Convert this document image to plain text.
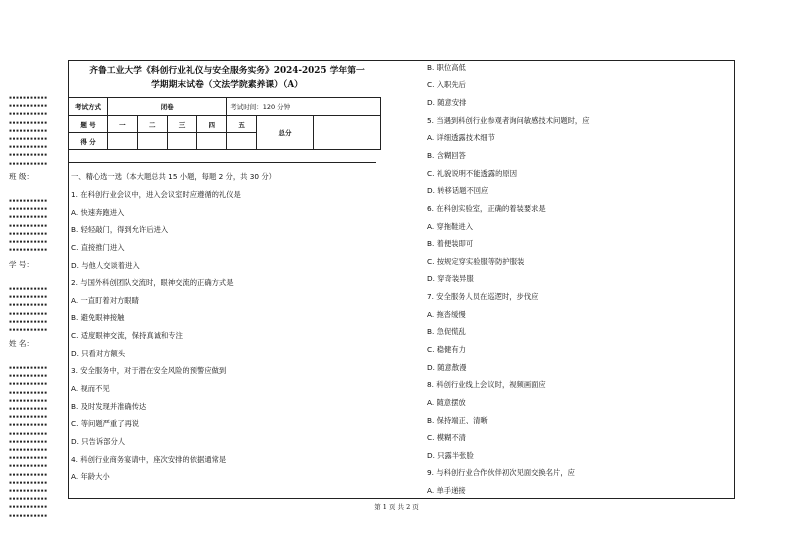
▪▪▪▪▪▪▪▪▪▪▪
▪▪▪▪▪▪▪▪▪▪▪
▪▪▪▪▪▪▪▪▪▪▪
▪▪▪▪▪▪▪▪▪▪▪
▪▪▪▪▪▪▪▪▪▪▪
▪▪▪▪▪▪▪▪▪▪▪
▪▪▪▪▪▪▪▪▪▪▪
▪▪▪▪▪▪▪▪▪▪▪
▪▪▪▪▪▪▪▪▪▪▪
班 级：
▪▪▪▪▪▪▪▪▪▪▪
▪▪▪▪▪▪▪▪▪▪▪
▪▪▪▪▪▪▪▪▪▪▪
▪▪▪▪▪▪▪▪▪▪▪
▪▪▪▪▪▪▪▪▪▪▪
▪▪▪▪▪▪▪▪▪▪▪
▪▪▪▪▪▪▪▪▪▪▪
学 号：
▪▪▪▪▪▪▪▪▪▪▪
▪▪▪▪▪▪▪▪▪▪▪
▪▪▪▪▪▪▪▪▪▪▪
▪▪▪▪▪▪▪▪▪▪▪
▪▪▪▪▪▪▪▪▪▪▪
▪▪▪▪▪▪▪▪▪▪▪
姓 名：
▪▪▪▪▪▪▪▪▪▪▪
▪▪▪▪▪▪▪▪▪▪▪
▪▪▪▪▪▪▪▪▪▪▪
▪▪▪▪▪▪▪▪▪▪▪
▪▪▪▪▪▪▪▪▪▪▪
▪▪▪▪▪▪▪▪▪▪▪
▪▪▪▪▪▪▪▪▪▪▪
▪▪▪▪▪▪▪▪▪▪▪
▪▪▪▪▪▪▪▪▪▪▪
▪▪▪▪▪▪▪▪▪▪▪
▪▪▪▪▪▪▪▪▪▪▪
▪▪▪▪▪▪▪▪▪▪▪
▪▪▪▪▪▪▪▪▪▪▪
▪▪▪▪▪▪▪▪▪▪▪
▪▪▪▪▪▪▪▪▪▪▪
▪▪▪▪▪▪▪▪▪▪▪
▪▪▪▪▪▪▪▪▪▪▪
▪▪▪▪▪▪▪▪▪▪▪
▪▪▪▪▪▪▪▪▪▪▪
齐鲁工业大学《科创行业礼仪与安全服务实务》2024-2025 学年第一
学期期末试卷（文法学院素养课）（A）
考试方式	闭卷				考试时间：120 分钟		
题 号	一	二	三	四	五	总分	
得 分							
一、精心选一选（本大题总共 15 小题，每题 2 分，共 30 分）
1. 在科创行业会议中，进入会议室时应遵循的礼仪是
A. 快速奔跑进入
B. 轻轻敲门，得到允许后进入
C. 直接推门进入
D. 与他人交谈着进入
2. 与国外科创团队交流时，眼神交流的正确方式是
A. 一直盯着对方眼睛
B. 避免眼神接触
C. 适度眼神交流，保持真诚和专注
D. 只看对方额头
3. 安全服务中，对于潜在安全风险的预警应做到
A. 视而不见
B. 及时发现并准确传达
C. 等问题严重了再说
D. 只告诉部分人
4. 科创行业商务宴请中，座次安排的依据通常是
A. 年龄大小
B. 职位高低
C. 入职先后
D. 随意安排
5. 当遇到科创行业参观者询问敏感技术问题时，应
A. 详细透露技术细节
B. 含糊回答
C. 礼貌说明不能透露的原因
D. 转移话题不回应
6. 在科创实验室，正确的着装要求是
A. 穿拖鞋进入
B. 着便装即可
C. 按规定穿实验服等防护服装
D. 穿奇装异服
7. 安全服务人员在巡逻时，步伐应
A. 拖沓缓慢
B. 急促慌乱
C. 稳健有力
D. 随意散漫
8. 科创行业线上会议时，视频画面应
A. 随意摆放
B. 保持端正、清晰
C. 模糊不清
D. 只露半张脸
9. 与科创行业合作伙伴初次见面交换名片，应
A. 单手递接
第 1 页 共 2 页
